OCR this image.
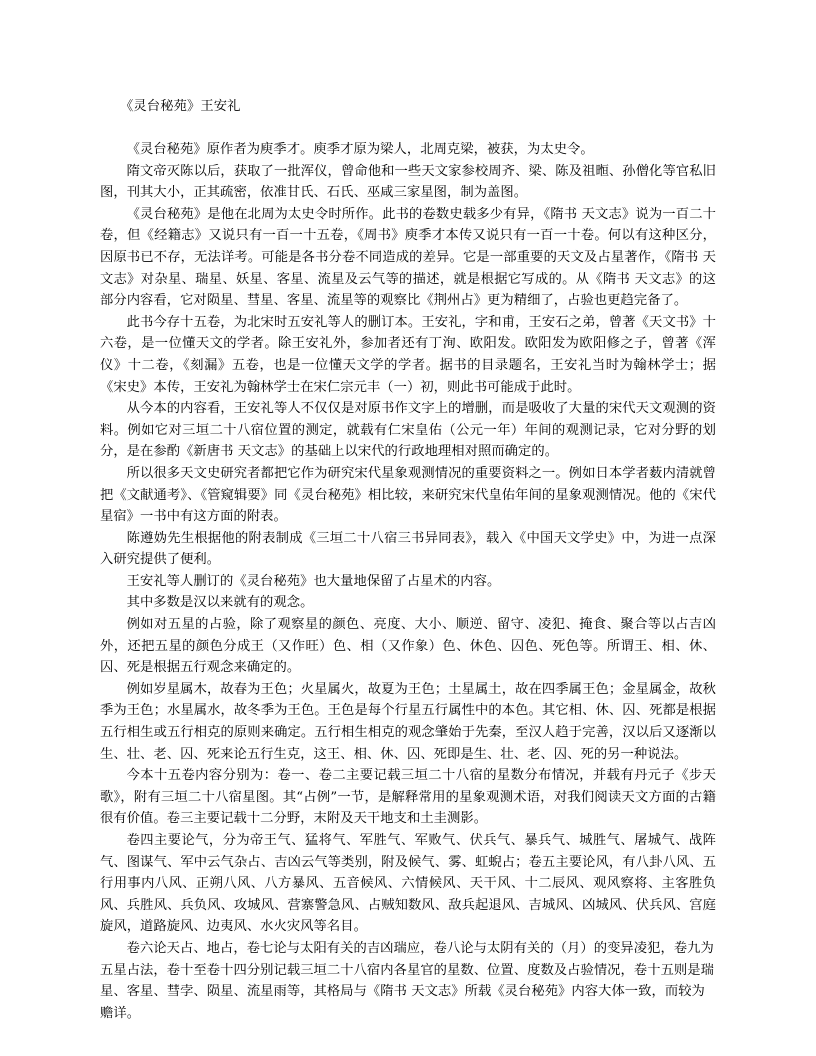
《灵台秘苑》王安礼

《灵台秘苑》原作者为庾季才。庾季才原为梁人，北周克梁，被获，为太史令。

隋文帝灭陈以后，获取了一批浑仪，曾命他和一些天文家参校周齐、梁、陈及祖暅、孙僧化等官私旧图，刊其大小，正其疏密，依准甘氏、石氏、巫咸三家星图，制为盖图。

《灵台秘苑》是他在北周为太史令时所作。此书的卷数史载多少有异，《隋书 天文志》说为一百二十卷，但《经籍志》又说只有一百一十五卷，《周书》庾季才本传又说只有一百一十卷。何以有这种区分，因原书已不存，无法详考。可能是各书分卷不同造成的差异。它是一部重要的天文及占星著作，《隋书 天文志》对杂星、瑞星、妖星、客星、流星及云气等的描述，就是根据它写成的。从《隋书 天文志》的这部分内容看，它对陨星、彗星、客星、流星等的观察比《荆州占》更为精细了，占验也更趋完备了。

此书今存十五卷，为北宋时五安礼等人的删订本。王安礼，字和甫，王安石之弟，曾著《天文书》十六卷，是一位懂天文的学者。除王安礼外，参加者还有丁洵、欧阳发。欧阳发为欧阳修之子，曾著《浑仪》十二卷，《刻漏》五卷，也是一位懂天文学的学者。据书的目录题名，王安礼当时为翰林学士；据《宋史》本传，王安礼为翰林学士在宋仁宗元丰（一）初，则此书可能成于此时。

从今本的内容看，王安礼等人不仅仅是对原书作文字上的增删，而是吸收了大量的宋代天文观测的资料。例如它对三垣二十八宿位置的测定，就载有仁宋皇佑（公元一年）年间的观测记录，它对分野的划分，是在参酌《新唐书 天文志》的基础上以宋代的行政地理相对照而确定的。

所以很多天文史研究者都把它作为研究宋代星象观测情况的重要资料之一。例如日本学者薮内清就曾把《文献通考》、《管窥辑要》同《灵台秘苑》相比较，来研究宋代皇佑年间的星象观测情况。他的《宋代星宿》一书中有这方面的附表。

陈遵妫先生根据他的附表制成《三垣二十八宿三书异同表》，载入《中国天文学史》中，为进一点深入研究提供了便利。

王安礼等人删订的《灵台秘苑》也大量地保留了占星术的内容。

其中多数是汉以来就有的观念。

例如对五星的占验，除了观察星的颜色、亮度、大小、顺逆、留守、凌犯、掩食、聚合等以占吉凶外，还把五星的颜色分成王（又作旺）色、相（又作象）色、休色、囚色、死色等。所谓王、相、休、囚、死是根据五行观念来确定的。

例如岁星属木，故春为王色；火星属火，故夏为王色；土星属土，故在四季属王色；金星属金，故秋季为王色；水星属水，故冬季为王色。王色是每个行星五行属性中的本色。其它相、休、囚、死都是根据五行相生或五行相克的原则来确定。五行相生相克的观念肇始于先秦，至汉人趋于完善，汉以后又逐渐以生、壮、老、囚、死来论五行生克，这王、相、休、囚、死即是生、壮、老、囚、死的另一种说法。

今本十五卷内容分别为：卷一、卷二主要记载三垣二十八宿的星数分布情况，并载有丹元子《步天歌》，附有三垣二十八宿星图。其“占例”一节，是解释常用的星象观测术语，对我们阅读天文方面的古籍很有价值。卷三主要记载十二分野，末附及天干地支和土圭测影。

卷四主要论气，分为帝王气、猛将气、军胜气、军败气、伏兵气、暴兵气、城胜气、屠城气、战阵气、图谋气、军中云气杂占、吉凶云气等类别，附及候气、雾、虹蜺占；卷五主要论风，有八卦八风、五行用事内八风、正朔八风、八方暴风、五音候风、六情候风、天干风、十二辰风、观风察将、主客胜负风、兵胜风、兵负风、攻城风、营寨警急风、占贼知数风、敌兵起退风、吉城风、凶城风、伏兵风、宫庭旋风，道路旋风、边夷风、水火灾风等名目。

卷六论天占、地占，卷七论与太阳有关的吉凶瑞应，卷八论与太阴有关的（月）的变异凌犯，卷九为五星占法，卷十至卷十四分别记载三垣二十八宿内各星官的星数、位置、度数及占验情况，卷十五则是瑞星、客星、彗孛、陨星、流星雨等，其格局与《隋书 天文志》所载《灵台秘苑》内容大体一致，而较为赡详。
